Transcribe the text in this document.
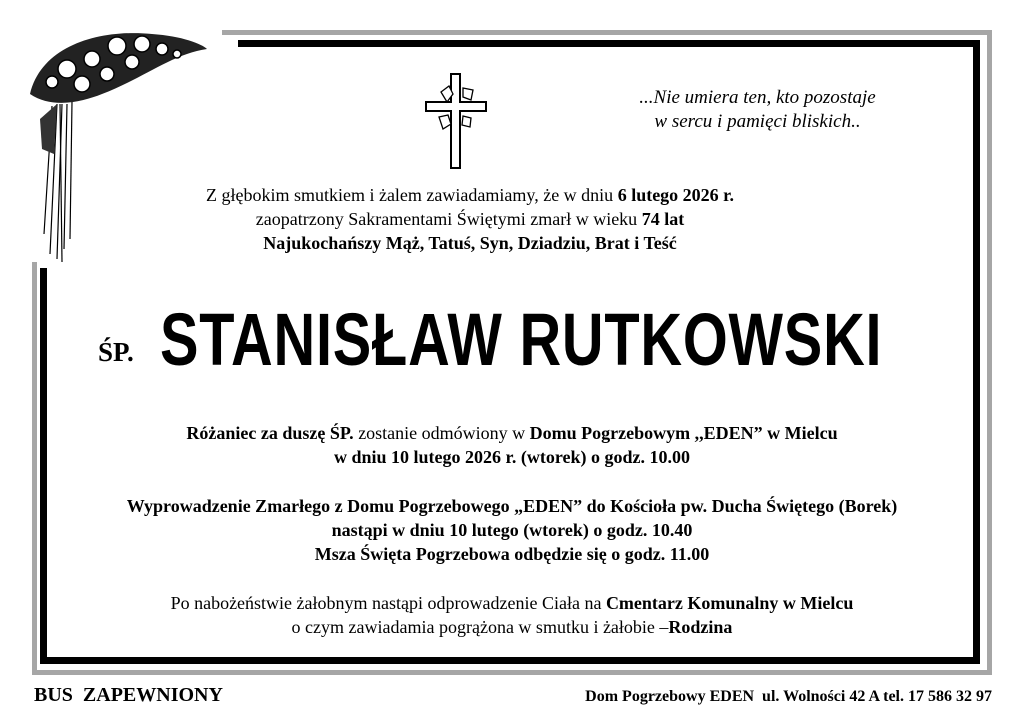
...Nie umiera ten, kto pozostaje
w sercu i pamięci bliskich..
Z głębokim smutkiem i żalem zawiadamiamy, że w dniu 6 lutego 2026 r.
zaopatrzony Sakramentami Świętymi zmarł w wieku 74 lat
Najukochańszy Mąż, Tatuś, Syn, Dziadziu, Brat i Teść
ŚP. STANISŁAW RUTKOWSKI
Różaniec za duszę ŚP. zostanie odmówiony w Domu Pogrzebowym ,,EDEN” w Mielcu
w dniu 10 lutego 2026 r. (wtorek) o godz. 10.00
Wyprowadzenie Zmarłego z Domu Pogrzebowego „EDEN” do Kościoła pw. Ducha Świętego (Borek)
nastąpi w dniu 10 lutego (wtorek) o godz. 10.40
Msza Święta Pogrzebowa odbędzie się o godz. 11.00
Po nabożeństwie żałobnym nastąpi odprowadzenie Ciała na Cmentarz Komunalny w Mielcu
o czym zawiadamia pogrążona w smutku i żałobie –Rodzina
BUS  ZAPEWNIONY	Dom Pogrzebowy EDEN  ul. Wolności 42 A tel. 17 586 32 97
